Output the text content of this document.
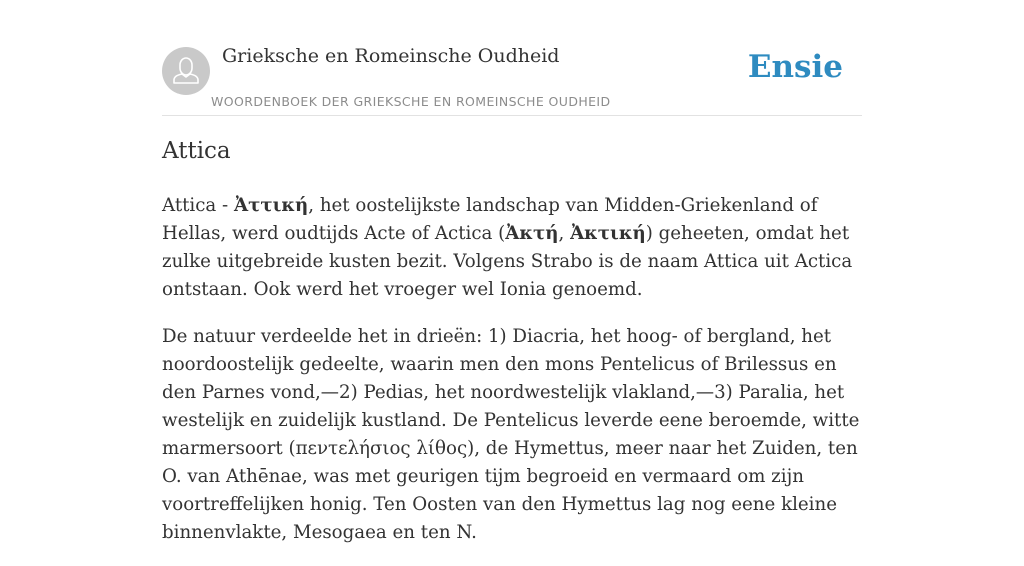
Grieksche en Romeinsche Oudheid
WOORDENBOEK DER GRIEKSCHE EN ROMEINSCHE OUDHEID
Ensie
Attica

Attica - Ἀττική, het oostelijkste landschap van Midden-Griekenland of Hellas, werd oudtijds Acte of Actica (Ἀκτή, Ἀκτική) geheeten, omdat het zulke uitgebreide kusten bezit. Volgens Strabo is de naam Attica uit Actica ontstaan. Ook werd het vroeger wel Ionia genoemd.

De natuur verdeelde het in drieën: 1) Diacria, het hoog- of bergland, het noordoostelijk gedeelte, waarin men den mons Pentelicus of Brilessus en den Parnes vond,—2) Pedias, het noordwestelijk vlakland,—3) Paralia, het westelijk en zuidelijk kustland. De Pentelicus leverde eene beroemde, witte marmersoort (πεντελήσιος λίθος), de Hymettus, meer naar het Zuiden, ten O. van Athēnae, was met geurigen tijm begroeid en vermaard om zijn voortreffelijken honig. Ten Oosten van den Hymettus lag nog eene kleine binnenvlakte, Mesogaea en ten N.
